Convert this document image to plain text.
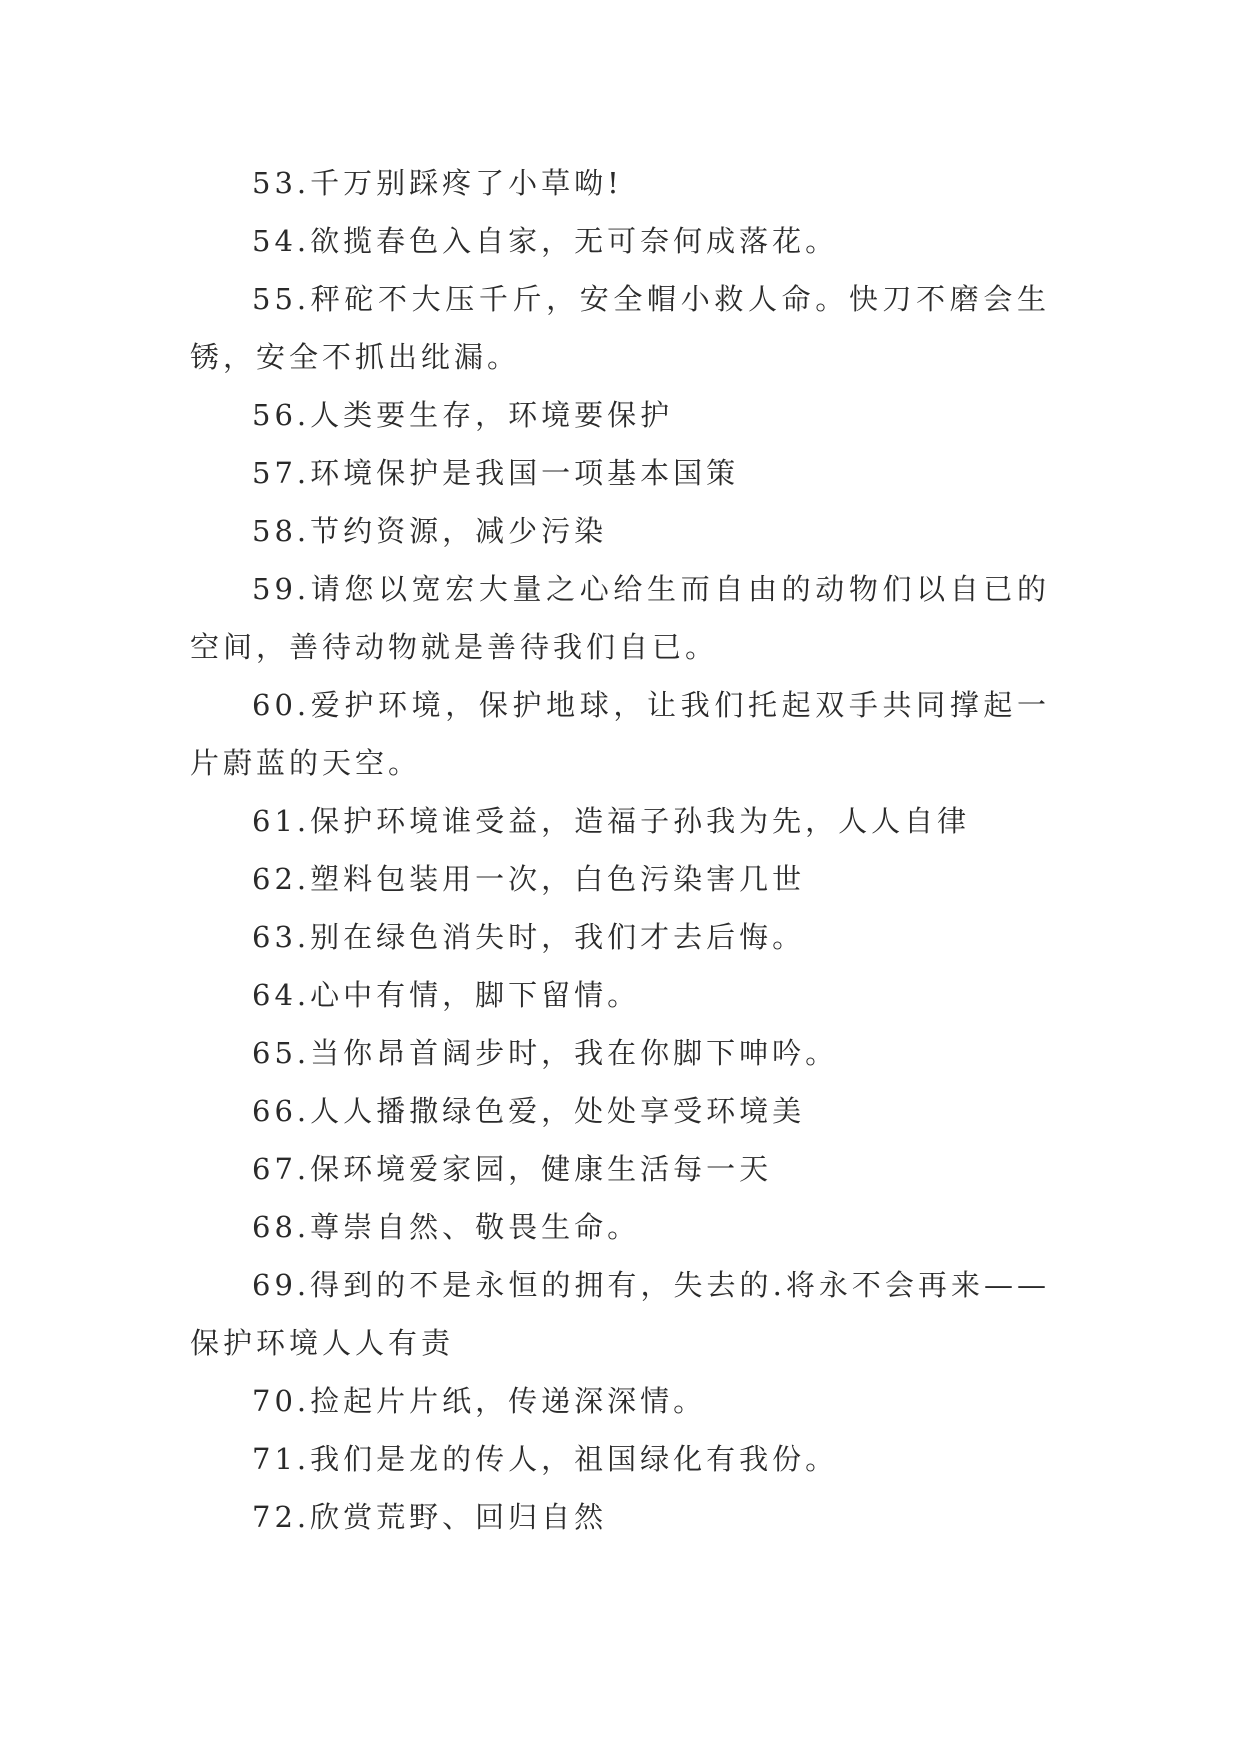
53.千万别踩疼了小草呦!

54.欲揽春色入自家，无可奈何成落花。

55.秤砣不大压千斤，安全帽小救人命。快刀不磨会生锈，安全不抓出纰漏。

56.人类要生存，环境要保护

57.环境保护是我国一项基本国策

58.节约资源，减少污染

59.请您以宽宏大量之心给生而自由的动物们以自已的空间，善待动物就是善待我们自已。

60.爱护环境，保护地球，让我们托起双手共同撑起一片蔚蓝的天空。

61.保护环境谁受益，造福子孙我为先，人人自律

62.塑料包装用一次，白色污染害几世

63.别在绿色消失时，我们才去后悔。

64.心中有情，脚下留情。

65.当你昂首阔步时，我在你脚下呻吟。

66.人人播撒绿色爱，处处享受环境美

67.保环境爱家园，健康生活每一天

68.尊崇自然、敬畏生命。

69.得到的不是永恒的拥有，失去的.将永不会再来——保护环境人人有责

70.捡起片片纸，传递深深情。

71.我们是龙的传人，祖国绿化有我份。

72.欣赏荒野、回归自然
